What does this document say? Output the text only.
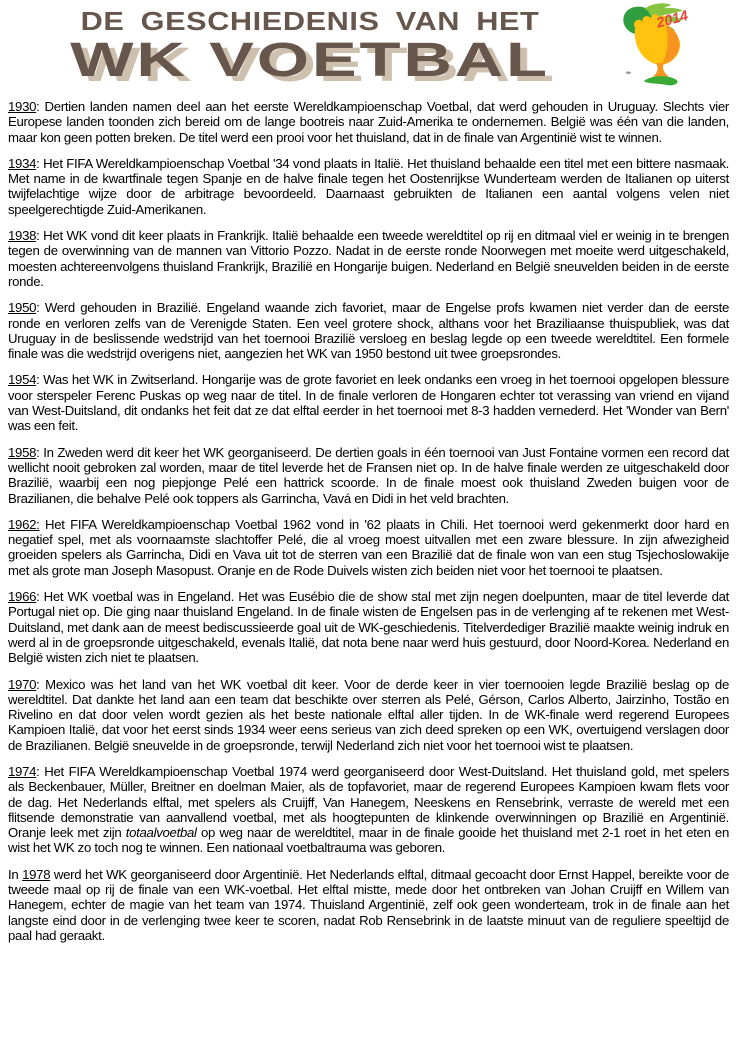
DE GESCHIEDENIS VAN HET
WK VOETBAL
2014

1930: Dertien landen namen deel aan het eerste Wereldkampioenschap Voetbal, dat werd gehouden in Uruguay. Slechts vier Europese landen toonden zich bereid om de lange bootreis naar Zuid-Amerika te ondernemen. België was één van die landen, maar kon geen potten breken. De titel werd een prooi voor het thuisland, dat in de finale van Argentinië wist te winnen.

1934: Het FIFA Wereldkampioenschap Voetbal '34 vond plaats in Italië. Het thuisland behaalde een titel met een bittere nasmaak. Met name in de kwartfinale tegen Spanje en de halve finale tegen het Oostenrijkse Wunderteam werden de Italianen op uiterst twijfelachtige wijze door de arbitrage bevoordeeld. Daarnaast gebruikten de Italianen een aantal volgens velen niet speelgerechtigde Zuid-Amerikanen.

1938: Het WK vond dit keer plaats in Frankrijk. Italië behaalde een tweede wereldtitel op rij en ditmaal viel er weinig in te brengen tegen de overwinning van de mannen van Vittorio Pozzo. Nadat in de eerste ronde Noorwegen met moeite werd uitgeschakeld, moesten achtereenvolgens thuisland Frankrijk, Brazilië en Hongarije buigen. Nederland en België sneuvelden beiden in de eerste ronde.

1950: Werd gehouden in Brazilië. Engeland waande zich favoriet, maar de Engelse profs kwamen niet verder dan de eerste ronde en verloren zelfs van de Verenigde Staten. Een veel grotere shock, althans voor het Braziliaanse thuispubliek, was dat Uruguay in de beslissende wedstrijd van het toernooi Brazilië versloeg en beslag legde op een tweede wereldtitel. Een formele finale was die wedstrijd overigens niet, aangezien het WK van 1950 bestond uit twee groepsrondes.

1954: Was het WK in Zwitserland. Hongarije was de grote favoriet en leek ondanks een vroeg in het toernooi opgelopen blessure voor sterspeler Ferenc Puskas op weg naar de titel. In de finale verloren de Hongaren echter tot verassing van vriend en vijand van West-Duitsland, dit ondanks het feit dat ze dat elftal eerder in het toernooi met 8-3 hadden vernederd. Het 'Wonder van Bern' was een feit.

1958: In Zweden werd dit keer het WK georganiseerd. De dertien goals in één toernooi van Just Fontaine vormen een record dat wellicht nooit gebroken zal worden, maar de titel leverde het de Fransen niet op. In de halve finale werden ze uitgeschakeld door Brazilië, waarbij een nog piepjonge Pelé een hattrick scoorde. In de finale moest ook thuisland Zweden buigen voor de Brazilianen, die behalve Pelé ook toppers als Garrincha, Vavá en Didi in het veld brachten.

1962: Het FIFA Wereldkampioenschap Voetbal 1962 vond in '62 plaats in Chili. Het toernooi werd gekenmerkt door hard en negatief spel, met als voornaamste slachtoffer Pelé, die al vroeg moest uitvallen met een zware blessure. In zijn afwezigheid groeiden spelers als Garrincha, Didi en Vava uit tot de sterren van een Brazilië dat de finale won van een stug Tsjechoslowakije met als grote man Joseph Masopust. Oranje en de Rode Duivels wisten zich beiden niet voor het toernooi te plaatsen.

1966: Het WK voetbal was in Engeland. Het was Eusébio die de show stal met zijn negen doelpunten, maar de titel leverde dat Portugal niet op. Die ging naar thuisland Engeland. In de finale wisten de Engelsen pas in de verlenging af te rekenen met West-Duitsland, met dank aan de meest bediscussieerde goal uit de WK-geschiedenis. Titelverdediger Brazilië maakte weinig indruk en werd al in de groepsronde uitgeschakeld, evenals Italië, dat nota bene naar werd huis gestuurd, door Noord-Korea. Nederland en België wisten zich niet te plaatsen.

1970: Mexico was het land van het WK voetbal dit keer. Voor de derde keer in vier toernooien legde Brazilië beslag op de wereldtitel. Dat dankte het land aan een team dat beschikte over sterren als Pelé, Gérson, Carlos Alberto, Jairzinho, Tostão en Rivelino en dat door velen wordt gezien als het beste nationale elftal aller tijden. In de WK-finale werd regerend Europees Kampioen Italië, dat voor het eerst sinds 1934 weer eens serieus van zich deed spreken op een WK, overtuigend verslagen door de Brazilianen. België sneuvelde in de groepsronde, terwijl Nederland zich niet voor het toernooi wist te plaatsen.

1974: Het FIFA Wereldkampioenschap Voetbal 1974 werd georganiseerd door West-Duitsland. Het thuisland gold, met spelers als Beckenbauer, Müller, Breitner en doelman Maier, als de topfavoriet, maar de regerend Europees Kampioen kwam flets voor de dag. Het Nederlands elftal, met spelers als Cruijff, Van Hanegem, Neeskens en Rensebrink, verraste de wereld met een flitsende demonstratie van aanvallend voetbal, met als hoogtepunten de klinkende overwinningen op Brazilië en Argentinië. Oranje leek met zijn totaalvoetbal op weg naar de wereldtitel, maar in de finale gooide het thuisland met 2-1 roet in het eten en wist het WK zo toch nog te winnen. Een nationaal voetbaltrauma was geboren.

In 1978 werd het WK georganiseerd door Argentinië. Het Nederlands elftal, ditmaal gecoacht door Ernst Happel, bereikte voor de tweede maal op rij de finale van een WK-voetbal. Het elftal mistte, mede door het ontbreken van Johan Cruijff en Willem van Hanegem, echter de magie van het team van 1974. Thuisland Argentinië, zelf ook geen wonderteam, trok in de finale aan het langste eind door in de verlenging twee keer te scoren, nadat Rob Rensebrink in de laatste minuut van de reguliere speeltijd de paal had geraakt.
